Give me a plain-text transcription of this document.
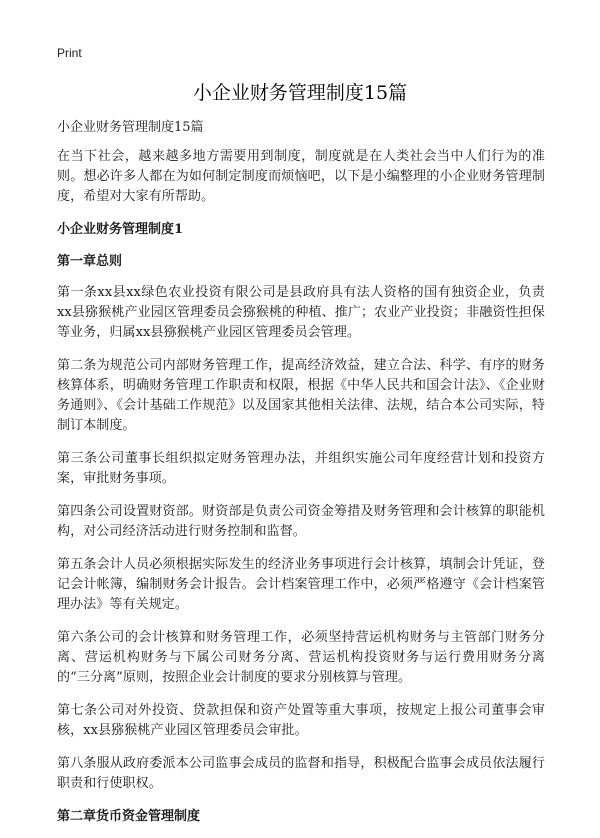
Print
小企业财务管理制度15篇
小企业财务管理制度15篇

在当下社会，越来越多地方需要用到制度，制度就是在人类社会当中人们行为的准则。想必许多人都在为如何制定制度而烦恼吧，以下是小编整理的小企业财务管理制度，希望对大家有所帮助。

小企业财务管理制度1
第一章总则

第一条xx县xx绿色农业投资有限公司是县政府具有法人资格的国有独资企业，负责xx县猕猴桃产业园区管理委员会猕猴桃的种植、推广；农业产业投资；非融资性担保等业务，归属xx县猕猴桃产业园区管理委员会管理。

第二条为规范公司内部财务管理工作，提高经济效益，建立合法、科学、有序的财务核算体系，明确财务管理工作职责和权限，根据《中华人民共和国会计法》、《企业财务通则》、《会计基础工作规范》以及国家其他相关法律、法规，结合本公司实际，特制订本制度。

第三条公司董事长组织拟定财务管理办法，并组织实施公司年度经营计划和投资方案，审批财务事项。

第四条公司设置财资部。财资部是负责公司资金筹措及财务管理和会计核算的职能机构，对公司经济活动进行财务控制和监督。

第五条会计人员必须根据实际发生的经济业务事项进行会计核算，填制会计凭证，登记会计帐簿，编制财务会计报告。会计档案管理工作中，必须严格遵守《会计档案管理办法》等有关规定。

第六条公司的会计核算和财务管理工作，必须坚持营运机构财务与主管部门财务分离、营运机构财务与下属公司财务分离、营运机构投资财务与运行费用财务分离的“三分离”原则，按照企业会计制度的要求分别核算与管理。

第七条公司对外投资、贷款担保和资产处置等重大事项，按规定上报公司董事会审核，xx县猕猴桃产业园区管理委员会审批。

第八条服从政府委派本公司监事会成员的监督和指导，积极配合监事会成员依法履行职责和行使职权。

第二章货币资金管理制度
